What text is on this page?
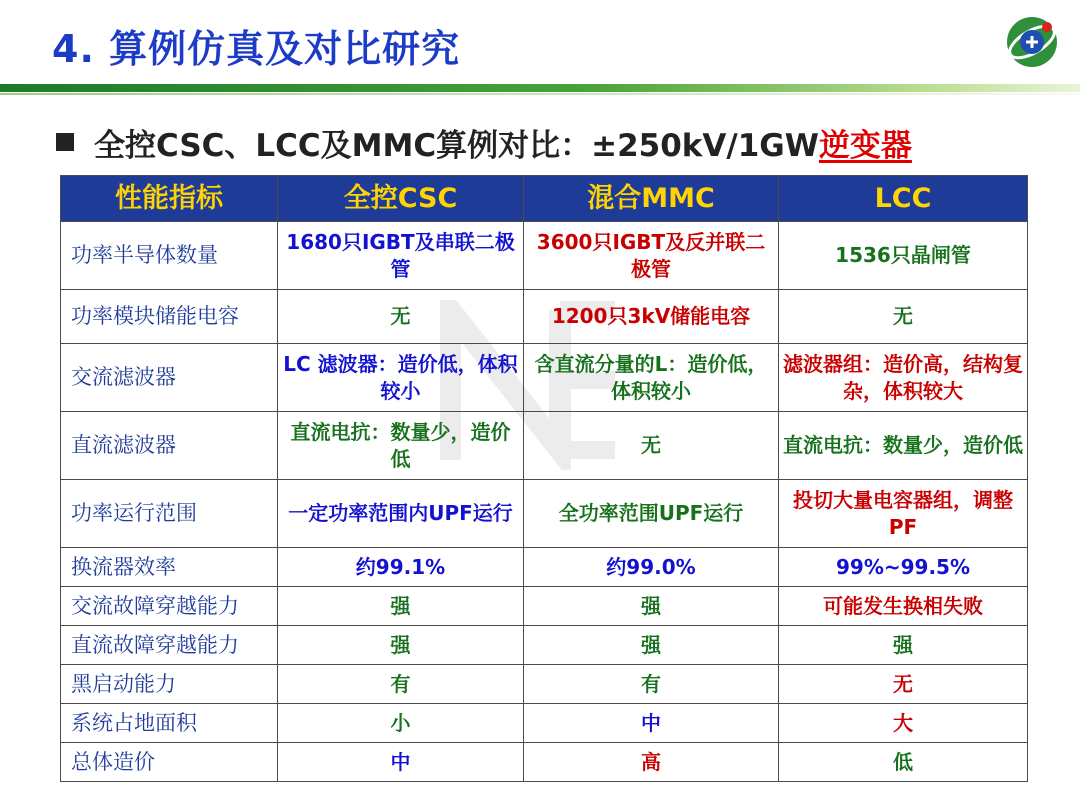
4. 算例仿真及对比研究
全控CSC、LCC及MMC算例对比：±250kV/1GW 逆变器
性能指标	全控CSC	混合MMC	LCC
功率半导体数量	1680只IGBT及串联二极管	3600只IGBT及反并联二极管	1536只晶闸管
功率模块储能电容	无	1200只3kV储能电容	无
交流滤波器	LC 滤波器：造价低，体积较小	含直流分量的L：造价低，体积较小	滤波器组：造价高，结构复杂，体积较大
直流滤波器	直流电抗：数量少，造价低	无	直流电抗：数量少，造价低
功率运行范围	一定功率范围内UPF运行	全功率范围UPF运行	投切大量电容器组，调整PF
换流器效率	约99.1%	约99.0%	99%~99.5%
交流故障穿越能力	强	强	可能发生换相失败
直流故障穿越能力	强	强	强
黑启动能力	有	有	无
系统占地面积	小	中	大
总体造价	中	高	低
